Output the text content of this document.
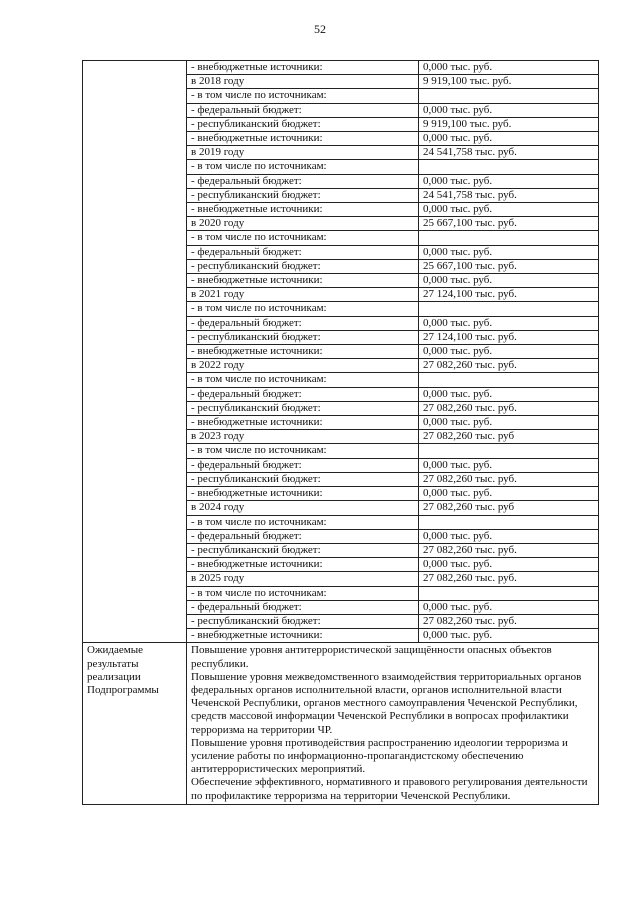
52
	- внебюджетные источники:	0,000 тыс. руб.
	в 2018 году	9 919,100 тыс. руб.
	- в том числе по источникам:	
	- федеральный бюджет:	0,000 тыс. руб.
	- республиканский бюджет:	9 919,100 тыс. руб.
	- внебюджетные источники:	0,000 тыс. руб.
	в 2019 году	24 541,758 тыс. руб.
	- в том числе по источникам:	
	- федеральный бюджет:	0,000 тыс. руб.
	- республиканский бюджет:	24 541,758 тыс. руб.
	- внебюджетные источники:	0,000 тыс. руб.
	в 2020 году	25 667,100 тыс. руб.
	- в том числе по источникам:	
	- федеральный бюджет:	0,000 тыс. руб.
	- республиканский бюджет:	25 667,100 тыс. руб.
	- внебюджетные источники:	0,000 тыс. руб.
	в 2021 году	27 124,100 тыс. руб.
	- в том числе по источникам:	
	- федеральный бюджет:	0,000 тыс. руб.
	- республиканский бюджет:	27 124,100 тыс. руб.
	- внебюджетные источники:	0,000 тыс. руб.
	в 2022 году	27 082,260 тыс. руб.
	- в том числе по источникам:	
	- федеральный бюджет:	0,000 тыс. руб.
	- республиканский бюджет:	27 082,260 тыс. руб.
	- внебюджетные источники:	0,000 тыс. руб.
	в 2023 году	27 082,260 тыс. руб
	- в том числе по источникам:	
	- федеральный бюджет:	0,000 тыс. руб.
	- республиканский бюджет:	27 082,260 тыс. руб.
	- внебюджетные источники:	0,000 тыс. руб.
	в 2024 году	27 082,260 тыс. руб
	- в том числе по источникам:	
	- федеральный бюджет:	0,000 тыс. руб.
	- республиканский бюджет:	27 082,260 тыс. руб.
	- внебюджетные источники:	0,000 тыс. руб.
	в 2025 году	27 082,260 тыс. руб.
	- в том числе по источникам:	
	- федеральный бюджет:	0,000 тыс. руб.
	- республиканский бюджет:	27 082,260 тыс. руб.
	- внебюджетные источники:	0,000 тыс. руб.
Ожидаемые результаты реализации Подпрограммы	Повышение уровня антитеррористической защищённости опасных объектов республики.

Повышение уровня межведомственного взаимодействия территориальных органов федеральных органов исполнительной власти, органов исполнительной власти Чеченской Республики, органов местного самоуправления Чеченской Республики, средств массовой информации Чеченской Республики в вопросах профилактики терроризма на территории ЧР.

Повышение уровня противодействия распространению идеологии терроризма и усиление работы по информационно-пропагандистскому обеспечению антитеррористических мероприятий.

Обеспечение эффективного, нормативного и правового регулирования деятельности по профилактике терроризма на территории Чеченской Республики.	
